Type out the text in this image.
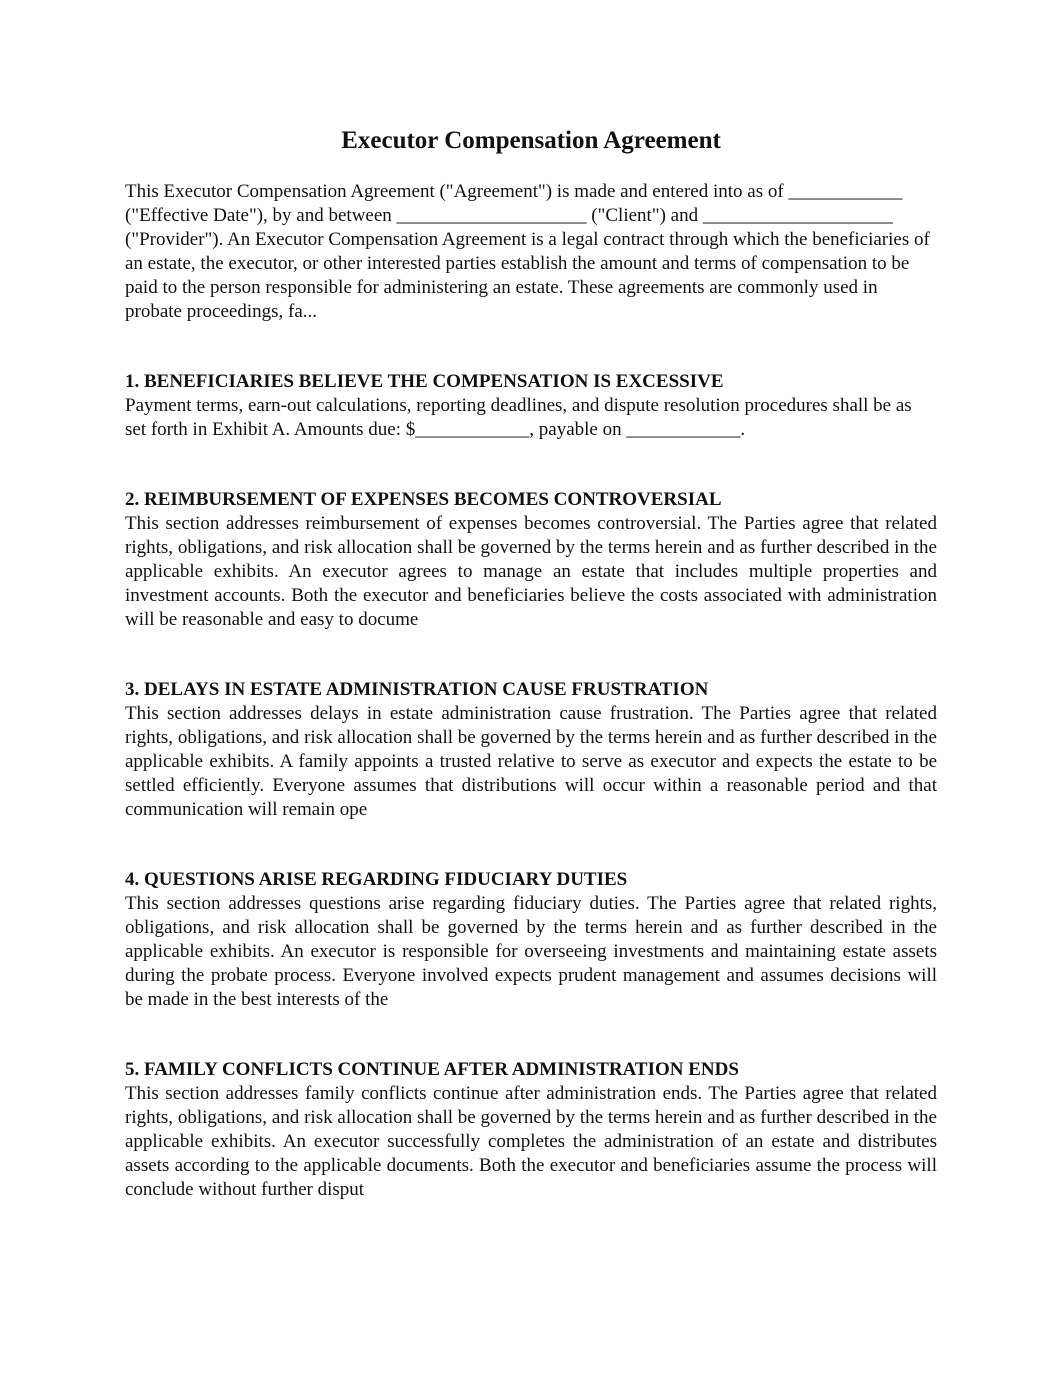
Executor Compensation Agreement

This Executor Compensation Agreement ("Agreement") is made and entered into as of ____________ ("Effective Date"), by and between ____________________ ("Client") and ____________________ ("Provider"). An Executor Compensation Agreement is a legal contract through which the beneficiaries of an estate, the executor, or other interested parties establish the amount and terms of compensation to be paid to the person responsible for administering an estate. These agreements are commonly used in probate proceedings, fa...

1. BENEFICIARIES BELIEVE THE COMPENSATION IS EXCESSIVE

Payment terms, earn-out calculations, reporting deadlines, and dispute resolution procedures shall be as set forth in Exhibit A. Amounts due: $____________, payable on ____________.

2. REIMBURSEMENT OF EXPENSES BECOMES CONTROVERSIAL

This section addresses reimbursement of expenses becomes controversial. The Parties agree that related rights, obligations, and risk allocation shall be governed by the terms herein and as further described in the applicable exhibits. An executor agrees to manage an estate that includes multiple properties and investment accounts. Both the executor and beneficiaries believe the costs associated with administration will be reasonable and easy to docume

3. DELAYS IN ESTATE ADMINISTRATION CAUSE FRUSTRATION

This section addresses delays in estate administration cause frustration. The Parties agree that related rights, obligations, and risk allocation shall be governed by the terms herein and as further described in the applicable exhibits. A family appoints a trusted relative to serve as executor and expects the estate to be settled efficiently. Everyone assumes that distributions will occur within a reasonable period and that communication will remain ope

4. QUESTIONS ARISE REGARDING FIDUCIARY DUTIES

This section addresses questions arise regarding fiduciary duties. The Parties agree that related rights, obligations, and risk allocation shall be governed by the terms herein and as further described in the applicable exhibits. An executor is responsible for overseeing investments and maintaining estate assets during the probate process. Everyone involved expects prudent management and assumes decisions will be made in the best interests of the

5. FAMILY CONFLICTS CONTINUE AFTER ADMINISTRATION ENDS

This section addresses family conflicts continue after administration ends. The Parties agree that related rights, obligations, and risk allocation shall be governed by the terms herein and as further described in the applicable exhibits. An executor successfully completes the administration of an estate and distributes assets according to the applicable documents. Both the executor and beneficiaries assume the process will conclude without further disput
